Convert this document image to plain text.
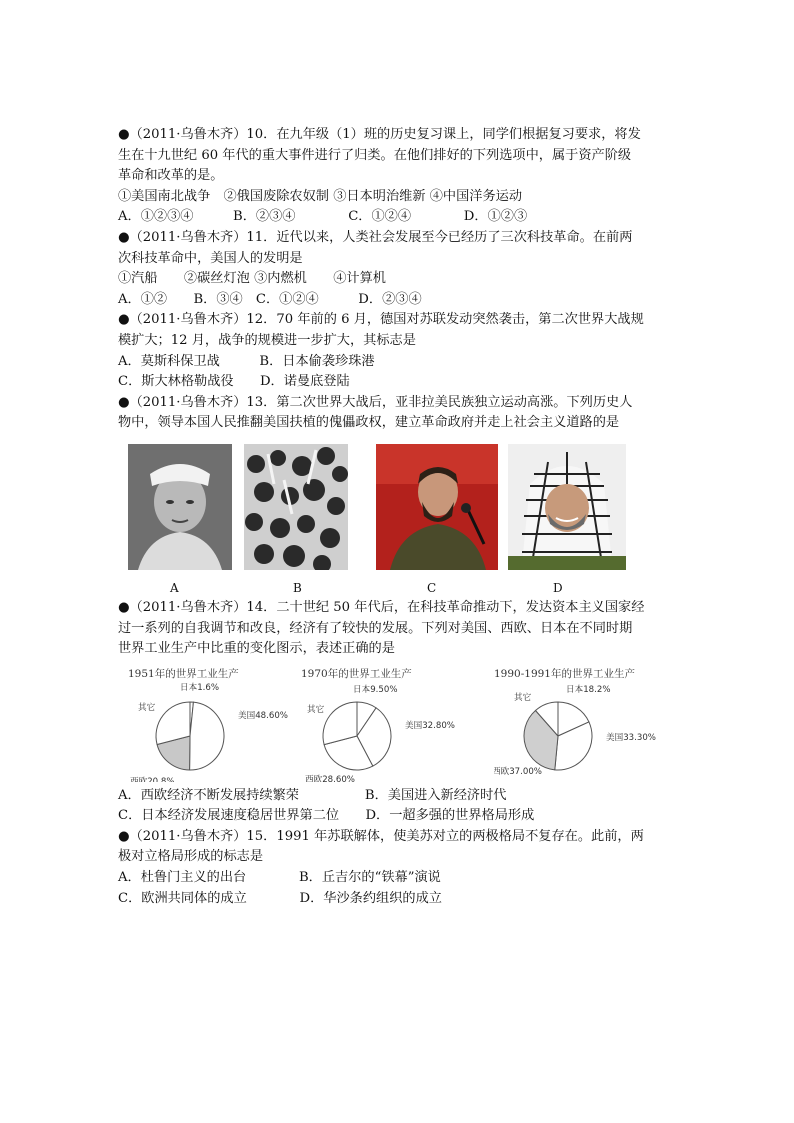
●（2011·乌鲁木齐）10．在九年级（1）班的历史复习课上，同学们根据复习要求，将发

生在十九世纪 60 年代的重大事件进行了归类。在他们排好的下列选项中，属于资产阶级

革命和改革的是。

①美国南北战争　②俄国废除农奴制 ③日本明治维新 ④中国洋务运动

A．①②③④　　　B．②③④　　　　C．①②④　　　　D．①②③

●（2011·乌鲁木齐）11．近代以来，人类社会发展至今已经历了三次科技革命。在前两

次科技革命中，美国人的发明是

①汽船　　②碳丝灯泡 ③内燃机　　④计算机

A．①②　　B．③④　C．①②④　　　D．②③④

●（2011·乌鲁木齐）12．70 年前的 6 月，德国对苏联发动突然袭击，第二次世界大战规

模扩大；12 月，战争的规模进一步扩大，其标志是

A．莫斯科保卫战　　　B．日本偷袭珍珠港

C．斯大林格勒战役　　D．诺曼底登陆

●（2011·乌鲁木齐）13．第二次世界大战后，亚非拉美民族独立运动高涨。下列历史人

物中，领导本国人民推翻美国扶植的傀儡政权，建立革命政府并走上社会主义道路的是

A	B	C	D

●（2011·乌鲁木齐）14．二十世纪 50 年代后，在科技革命推动下，发达资本主义国家经

过一系列的自我调节和改良，经济有了较快的发展。下列对美国、西欧、日本在不同时期

世界工业生产中比重的变化图示，表述正确的是

1951年的世界工业生产
美国48.60%
西欧20.8%
其它
日本1.6%
1970年的世界工业生产
日本9.50%
美国32.80%
西欧28.60%
其它
1990-1991年的世界工业生产
日本18.2%
美国33.30%
西欧37.00%
其它

A．西欧经济不断发展持续繁荣　　　　　B．美国进入新经济时代

C．日本经济发展速度稳居世界第二位　　D．一超多强的世界格局形成

●（2011·乌鲁木齐）15．1991 年苏联解体，使美苏对立的两极格局不复存在。此前，两

极对立格局形成的标志是

A．杜鲁门主义的出台　　　　B．丘吉尔的“铁幕”演说

C．欧洲共同体的成立　　　　D．华沙条约组织的成立
